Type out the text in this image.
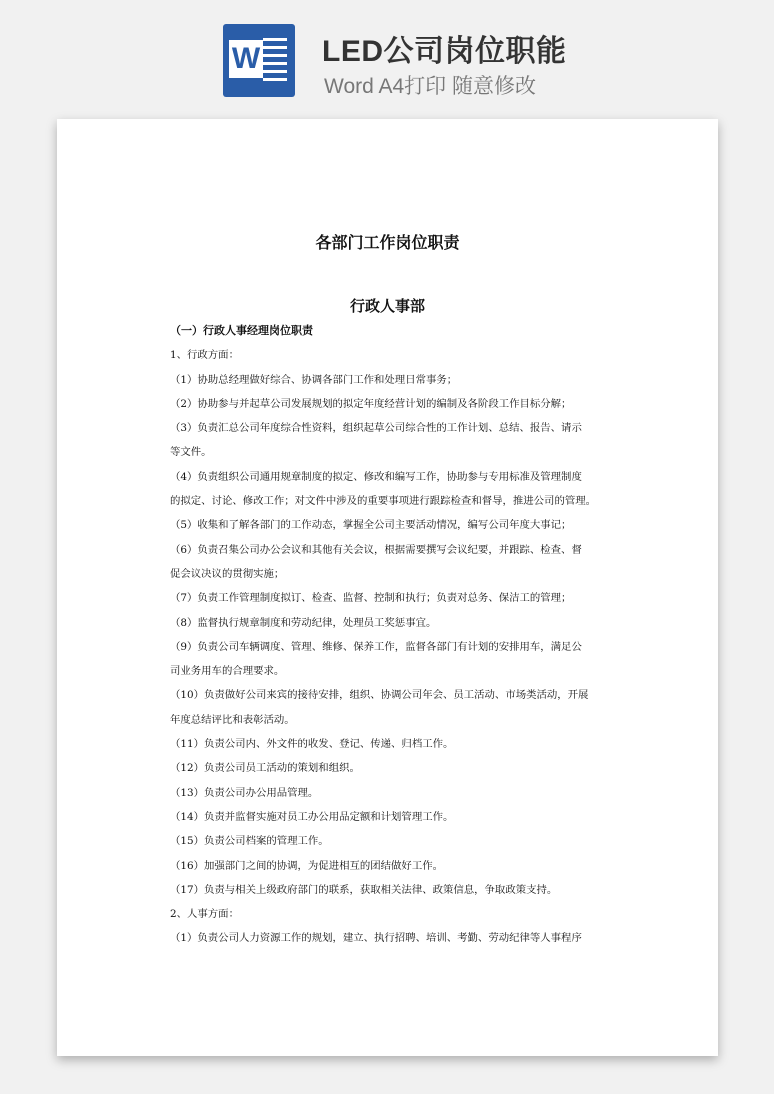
W LED公司岗位职能
Word A4打印 随意修改
各部门工作岗位职责
行政人事部
（一）行政人事经理岗位职责
1、行政方面：
（1）协助总经理做好综合、协调各部门工作和处理日常事务；
（2）协助参与并起草公司发展规划的拟定年度经营计划的编制及各阶段工作目标分解；
（3）负责汇总公司年度综合性资料，组织起草公司综合性的工作计划、总结、报告、请示
等文件。
（4）负责组织公司通用规章制度的拟定、修改和编写工作，协助参与专用标准及管理制度
的拟定、讨论、修改工作；对文件中涉及的重要事项进行跟踪检查和督导，推进公司的管理。
（5）收集和了解各部门的工作动态，掌握全公司主要活动情况，编写公司年度大事记；
（6）负责召集公司办公会议和其他有关会议，根据需要撰写会议纪要，并跟踪、检查、督
促会议决议的贯彻实施；
（7）负责工作管理制度拟订、检查、监督、控制和执行；负责对总务、保洁工的管理；
（8）监督执行规章制度和劳动纪律，处理员工奖惩事宜。
（9）负责公司车辆调度、管理、维修、保养工作，监督各部门有计划的安排用车，满足公
司业务用车的合理要求。
（10）负责做好公司来宾的接待安排，组织、协调公司年会、员工活动、市场类活动，开展
年度总结评比和表彰活动。
（11）负责公司内、外文件的收发、登记、传递、归档工作。
（12）负责公司员工活动的策划和组织。
（13）负责公司办公用品管理。
（14）负责并监督实施对员工办公用品定额和计划管理工作。
（15）负责公司档案的管理工作。
（16）加强部门之间的协调，为促进相互的团结做好工作。
（17）负责与相关上级政府部门的联系，获取相关法律、政策信息，争取政策支持。
2、人事方面：
（1）负责公司人力资源工作的规划，建立、执行招聘、培训、考勤、劳动纪律等人事程序
